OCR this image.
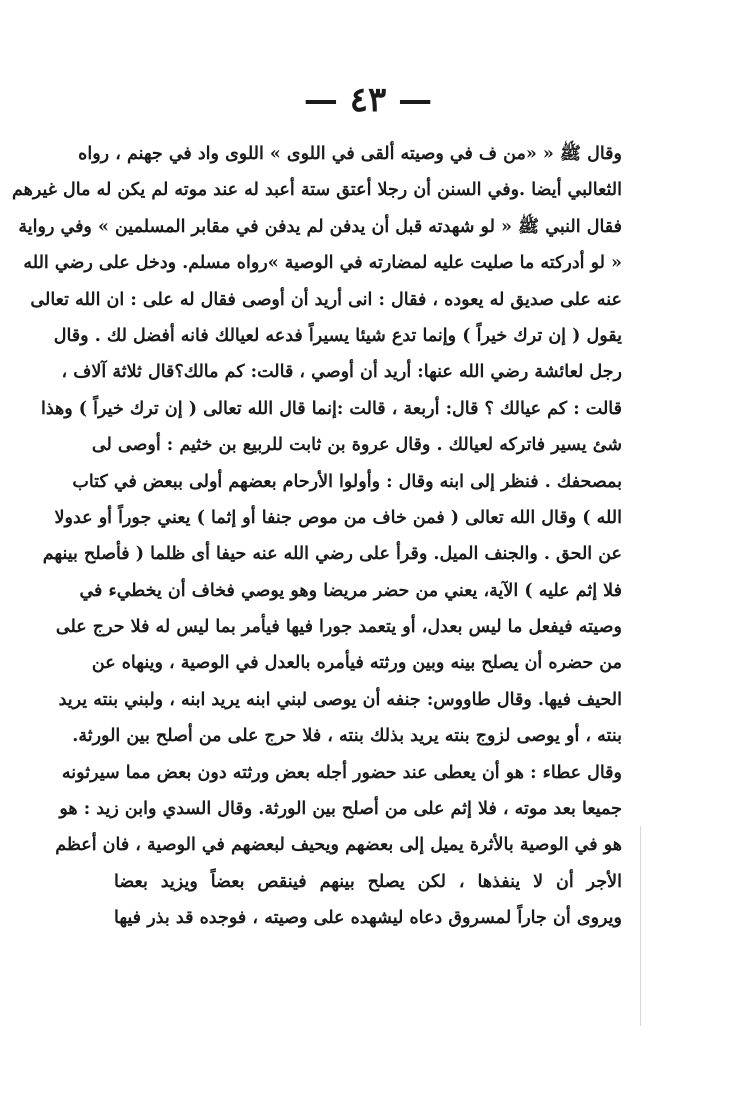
— ٤٣ —
وقال ﷺ « «من ف في وصيته ألقى في اللوى » اللوى واد في جهنم ، رواه
الثعالبي أيضا .وفي السنن أن رجلا أعتق ستة أعبد له عند موته لم يكن له مال غيرهم
فقال النبي ﷺ « لو شهدته قبل أن يدفن لم يدفن في مقابر المسلمين » وفي رواية
« لو أدركته ما صليت عليه لمضارته في الوصية »رواه مسلم. ودخل على رضي الله
عنه على صديق له يعوده ، فقال : انى أريد أن أوصى فقال له على : ان الله تعالى
يقول ( إن ترك خيراً ) وإنما تدع شيئا يسيراً فدعه لعيالك فانه أفضل لك . وقال
رجل لعائشة رضي الله عنها: أريد أن أوصي ، قالت: كم مالك؟قال ثلاثة آلاف ،
قالت : كم عيالك ؟ قال: أربعة ، قالت :إنما قال الله تعالى ( إن ترك خيراً ) وهذا
شئ يسير فاتركه لعيالك . وقال عروة بن ثابت للربيع بن خثيم : أوصى لى
بمصحفك . فنظر إلى ابنه وقال : وأولوا الأرحام بعضهم أولى ببعض في كتاب
الله ) وقال الله تعالى ( فمن خاف من موص جنفا أو إثما ) يعني جوراً أو عدولا
عن الحق . والجنف الميل. وقرأ على رضي الله عنه حيفا أى ظلما ( فأصلح بينهم
فلا إثم عليه ) الآية، يعني من حضر مريضا وهو يوصي فخاف أن يخطيء في
وصيته فيفعل ما ليس بعدل، أو يتعمد جورا فيها فيأمر بما ليس له فلا حرج على
من حضره أن يصلح بينه وبين ورثته فيأمره بالعدل في الوصية ، وينهاه عن
الحيف فيها. وقال طاووس: جنفه أن يوصى لبني ابنه يريد ابنه ، ولبني بنته يريد
بنته ، أو يوصى لزوج بنته يريد بذلك بنته ، فلا حرج على من أصلح بين الورثة.
وقال عطاء : هو أن يعطى عند حضور أجله بعض ورثته دون بعض مما سيرثونه
جميعا بعد موته ، فلا إثم على من أصلح بين الورثة. وقال السدي وابن زيد : هو
هو في الوصية بالأثرة يميل إلى بعضهم ويحيف لبعضهم في الوصية ، فان أعظم
الأجر أن لا ينفذها ، لكن يصلح بينهم فينقص بعضاً ويزيد بعضا
ويروى أن جاراً لمسروق دعاه ليشهده على وصيته ، فوجده قد بذر فيها
